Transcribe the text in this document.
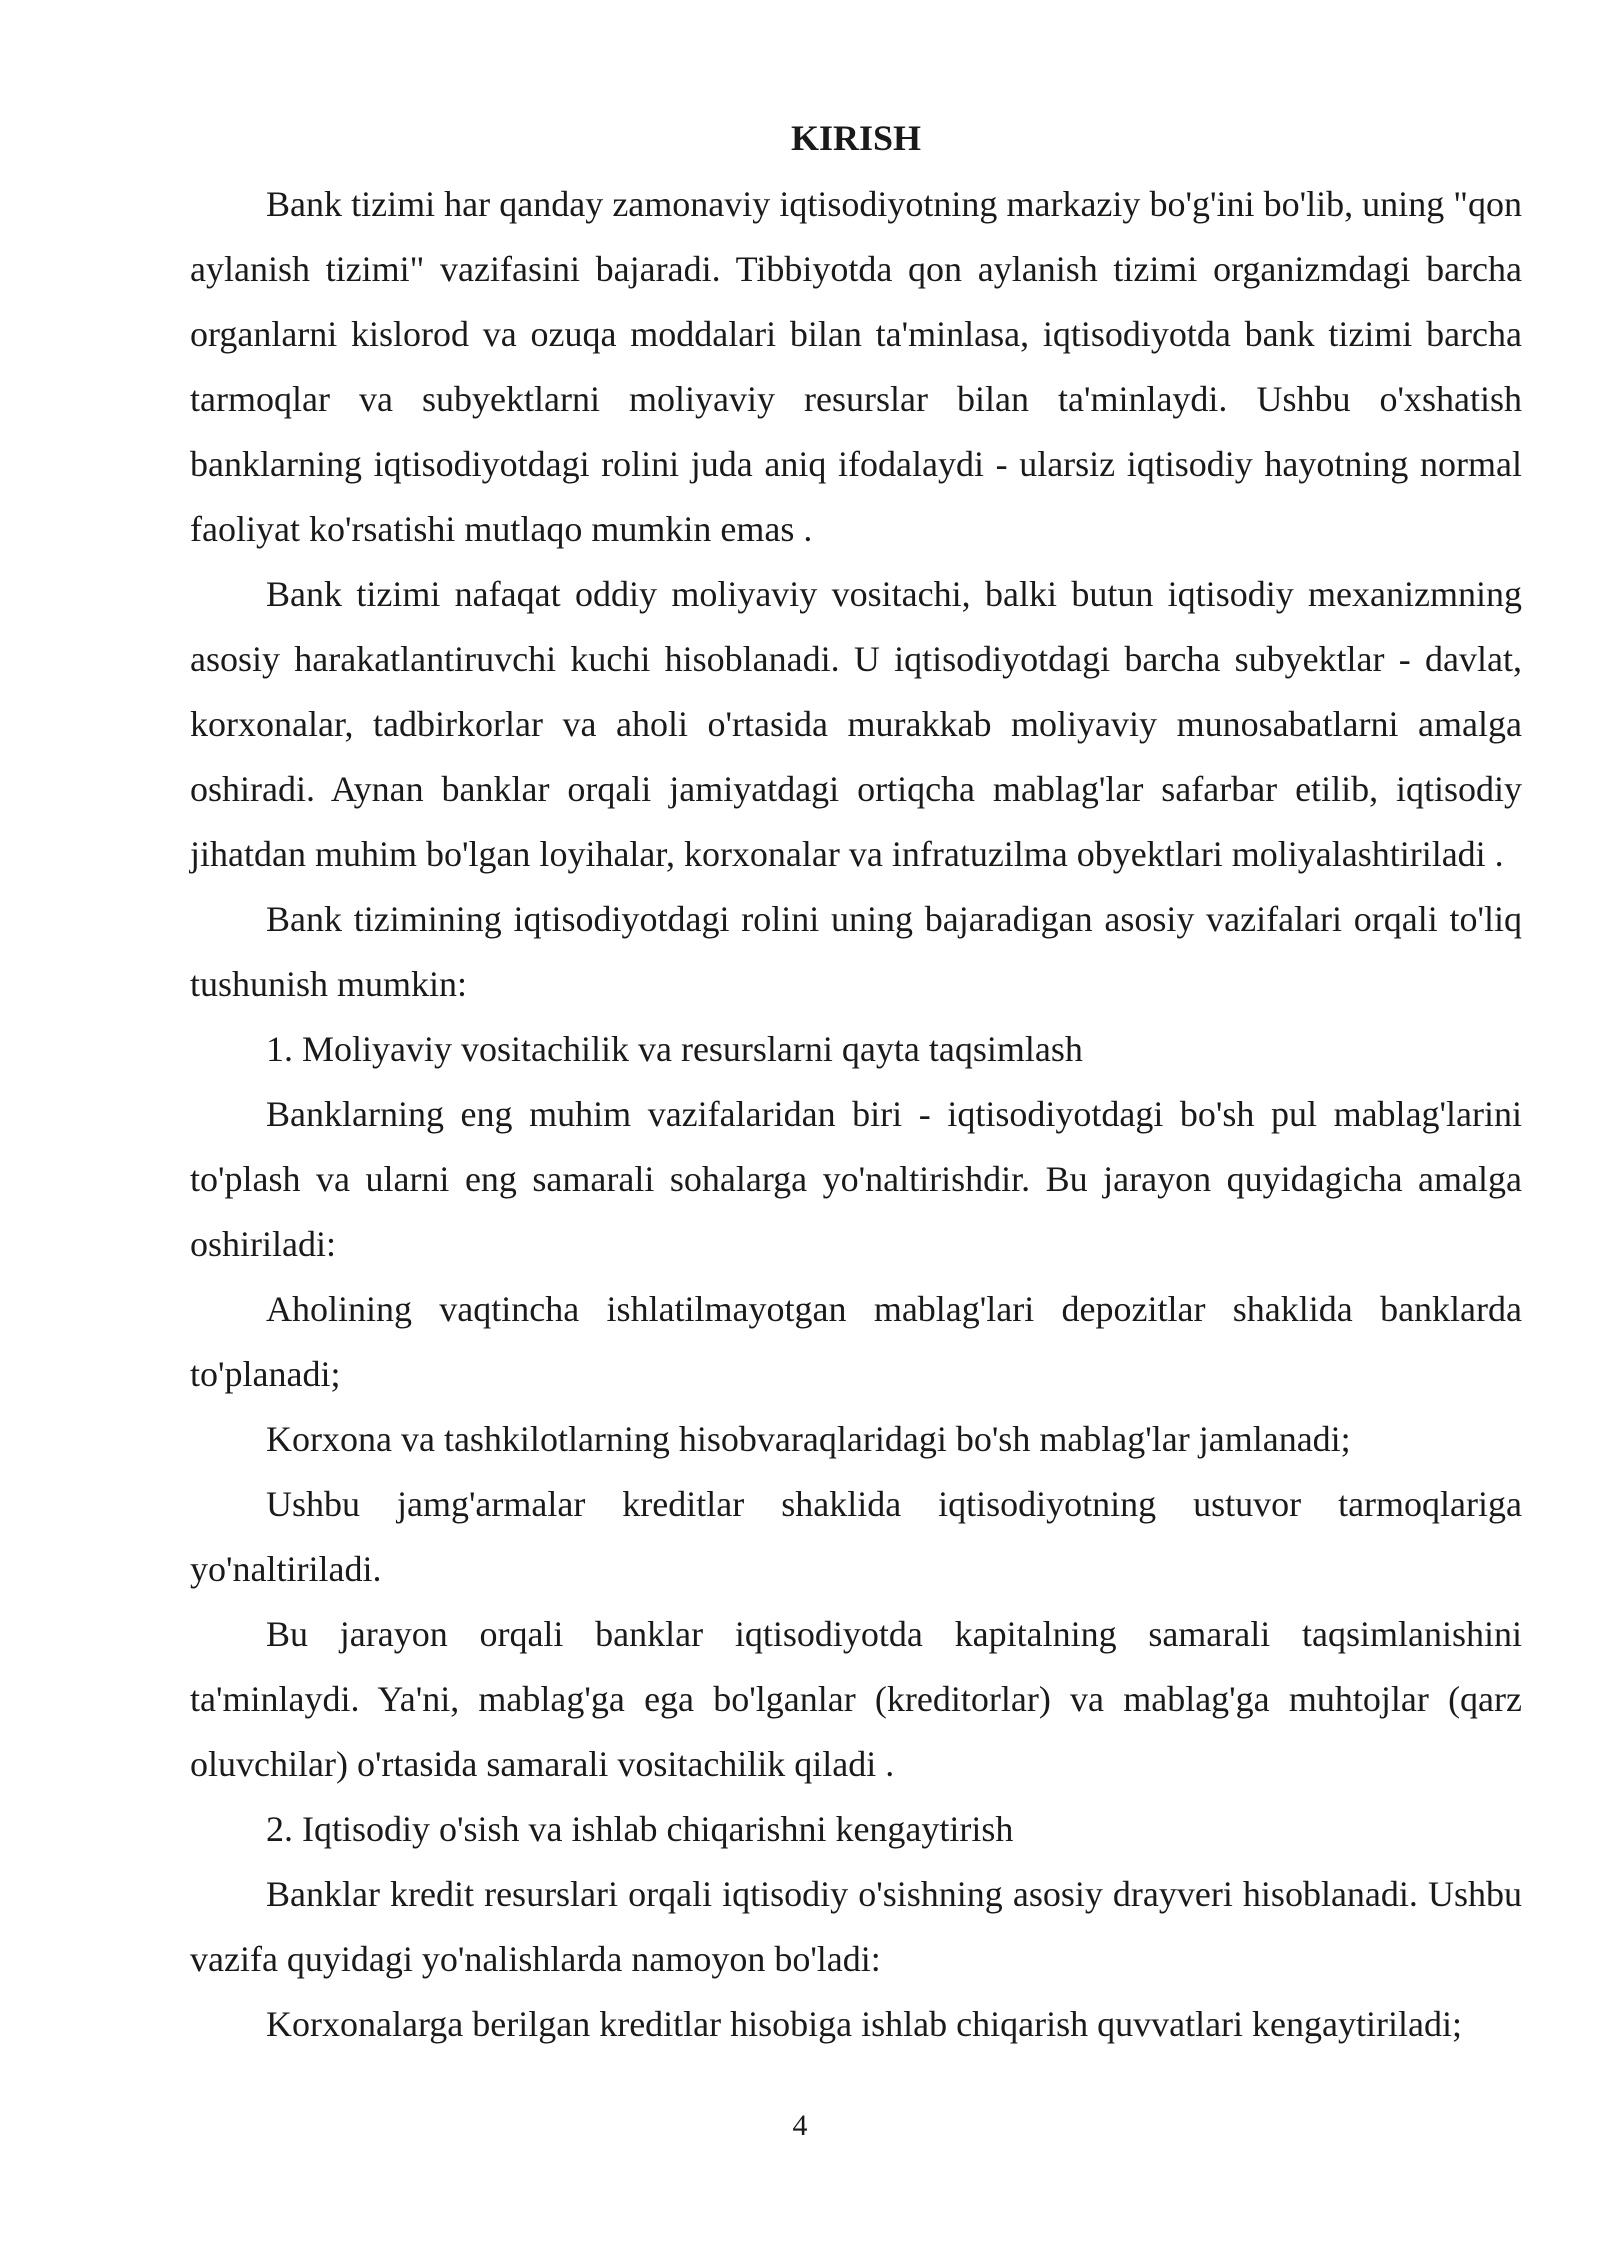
KIRISH

Bank tizimi har qanday zamonaviy iqtisodiyotning markaziy bo'g'ini bo'lib, uning "qon aylanish tizimi" vazifasini bajaradi. Tibbiyotda qon aylanish tizimi organizmdagi barcha organlarni kislorod va ozuqa moddalari bilan ta'minlasa, iqtisodiyotda bank tizimi barcha tarmoqlar va subyektlarni moliyaviy resurslar bilan ta'minlaydi. Ushbu o'xshatish banklarning iqtisodiyotdagi rolini juda aniq ifodalaydi - ularsiz iqtisodiy hayotning normal faoliyat ko'rsatishi mutlaqo mumkin emas .

Bank tizimi nafaqat oddiy moliyaviy vositachi, balki butun iqtisodiy mexanizmning asosiy harakatlantiruvchi kuchi hisoblanadi. U iqtisodiyotdagi barcha subyektlar - davlat, korxonalar, tadbirkorlar va aholi o'rtasida murakkab moliyaviy munosabatlarni amalga oshiradi. Aynan banklar orqali jamiyatdagi ortiqcha mablag'lar safarbar etilib, iqtisodiy jihatdan muhim bo'lgan loyihalar, korxonalar va infratuzilma obyektlari moliyalashtiriladi .

Bank tizimining iqtisodiyotdagi rolini uning bajaradigan asosiy vazifalari orqali to'liq tushunish mumkin:

1. Moliyaviy vositachilik va resurslarni qayta taqsimlash

Banklarning eng muhim vazifalaridan biri - iqtisodiyotdagi bo'sh pul mablag'larini to'plash va ularni eng samarali sohalarga yo'naltirishdir. Bu jarayon quyidagicha amalga oshiriladi:

Aholining vaqtincha ishlatilmayotgan mablag'lari depozitlar shaklida banklarda to'planadi;

Korxona va tashkilotlarning hisobvaraqlaridagi bo'sh mablag'lar jamlanadi;

Ushbu jamg'armalar kreditlar shaklida iqtisodiyotning ustuvor tarmoqlariga yo'naltiriladi.

Bu jarayon orqali banklar iqtisodiyotda kapitalning samarali taqsimlanishini ta'minlaydi. Ya'ni, mablag'ga ega bo'lganlar (kreditorlar) va mablag'ga muhtojlar (qarz oluvchilar) o'rtasida samarali vositachilik qiladi .

2. Iqtisodiy o'sish va ishlab chiqarishni kengaytirish

Banklar kredit resurslari orqali iqtisodiy o'sishning asosiy drayveri hisoblanadi. Ushbu vazifa quyidagi yo'nalishlarda namoyon bo'ladi:

Korxonalarga berilgan kreditlar hisobiga ishlab chiqarish quvvatlari kengaytiriladi;

4
